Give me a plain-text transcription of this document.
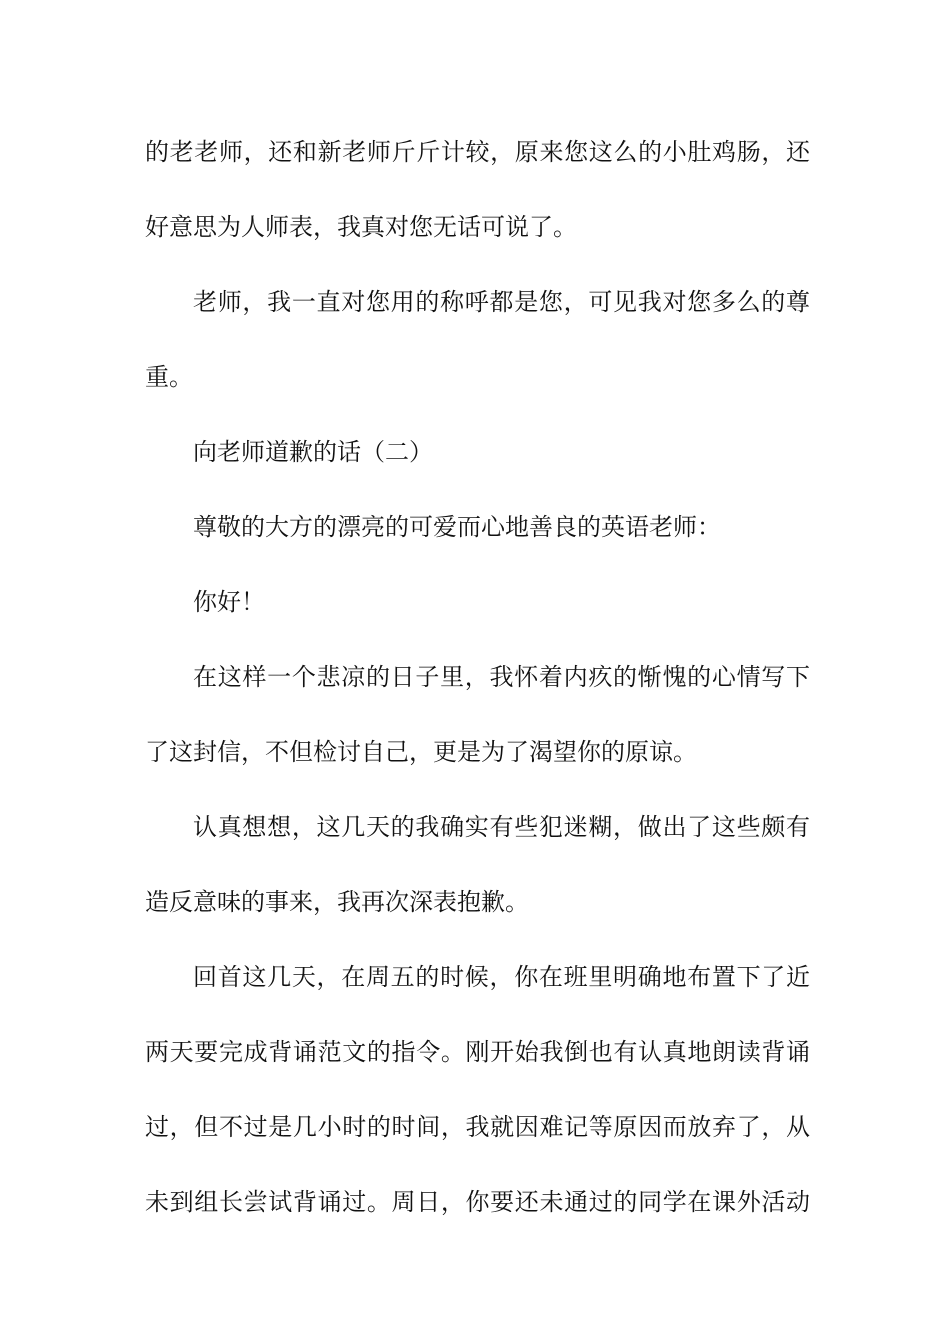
的老老师，还和新老师斤斤计较，原来您这么的小肚鸡肠，还
好意思为人师表，我真对您无话可说了。
老师，我一直对您用的称呼都是您，可见我对您多么的尊
重。
向老师道歉的话（二）
尊敬的大方的漂亮的可爱而心地善良的英语老师：
你好！
在这样一个悲凉的日子里，我怀着内疚的惭愧的心情写下
了这封信，不但检讨自己，更是为了渴望你的原谅。
认真想想，这几天的我确实有些犯迷糊，做出了这些颇有
造反意味的事来，我再次深表抱歉。
回首这几天，在周五的时候，你在班里明确地布置下了近
两天要完成背诵范文的指令。刚开始我倒也有认真地朗读背诵
过，但不过是几小时的时间，我就因难记等原因而放弃了，从
未到组长尝试背诵过。周日，你要还未通过的同学在课外活动
